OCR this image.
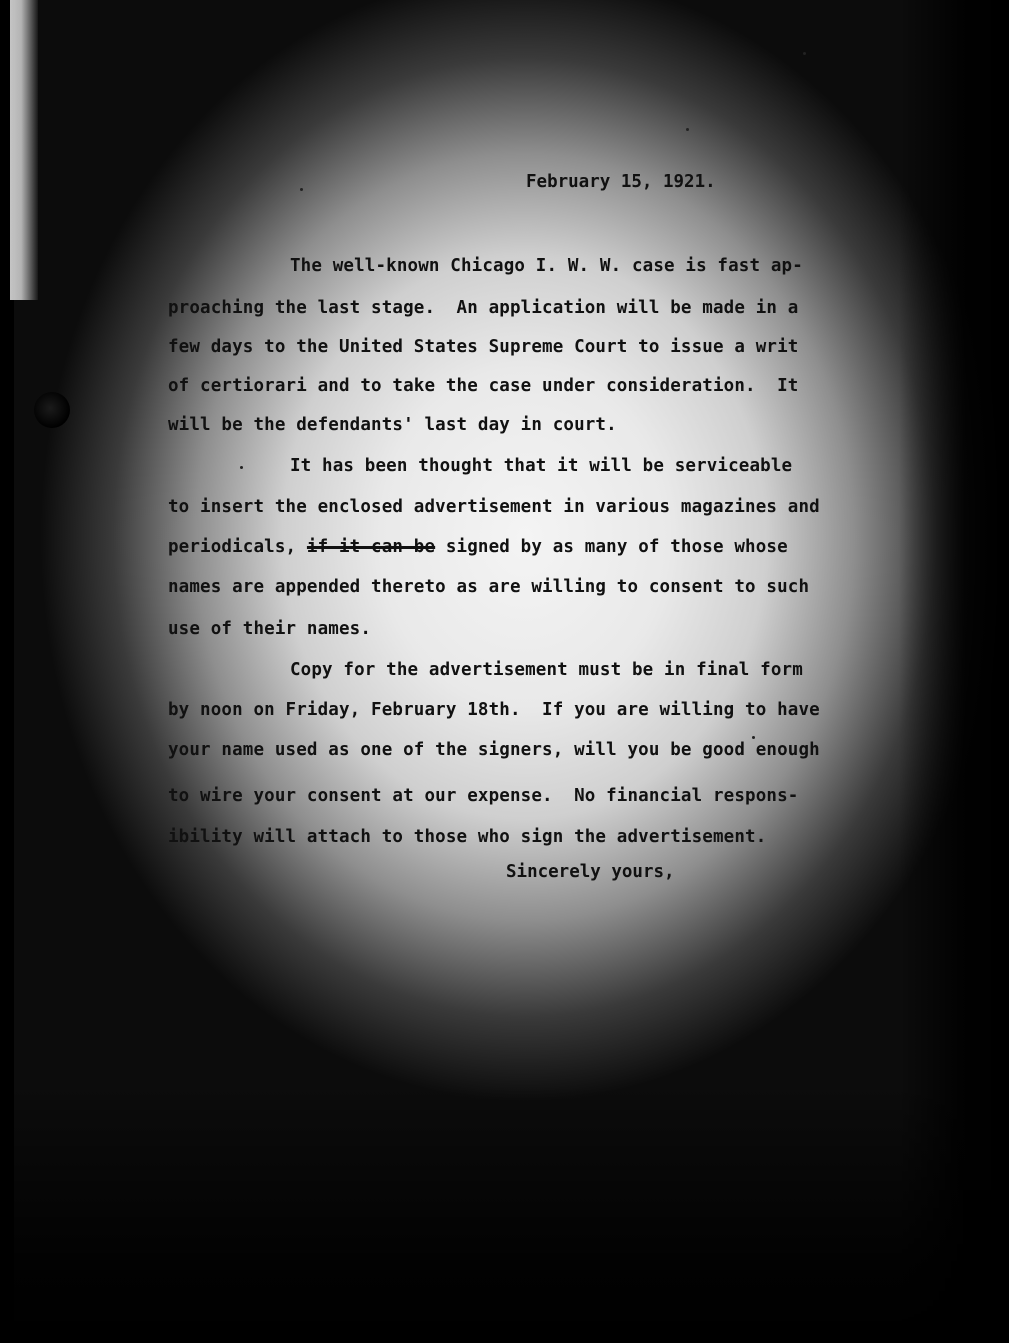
February 15, 1921.
The well-known Chicago I. W. W. case is fast ap-
proaching the last stage.  An application will be made in a
few days to the United States Supreme Court to issue a writ
of certiorari and to take the case under consideration.  It
will be the defendants' last day in court.
It has been thought that it will be serviceable
to insert the enclosed advertisement in various magazines and
periodicals, if it can be signed by as many of those whose
names are appended thereto as are willing to consent to such
use of their names.
Copy for the advertisement must be in final form
by noon on Friday, February 18th.  If you are willing to have
your name used as one of the signers, will you be good enough
to wire your consent at our expense.  No financial respons-
ibility will attach to those who sign the advertisement.
Sincerely yours,
